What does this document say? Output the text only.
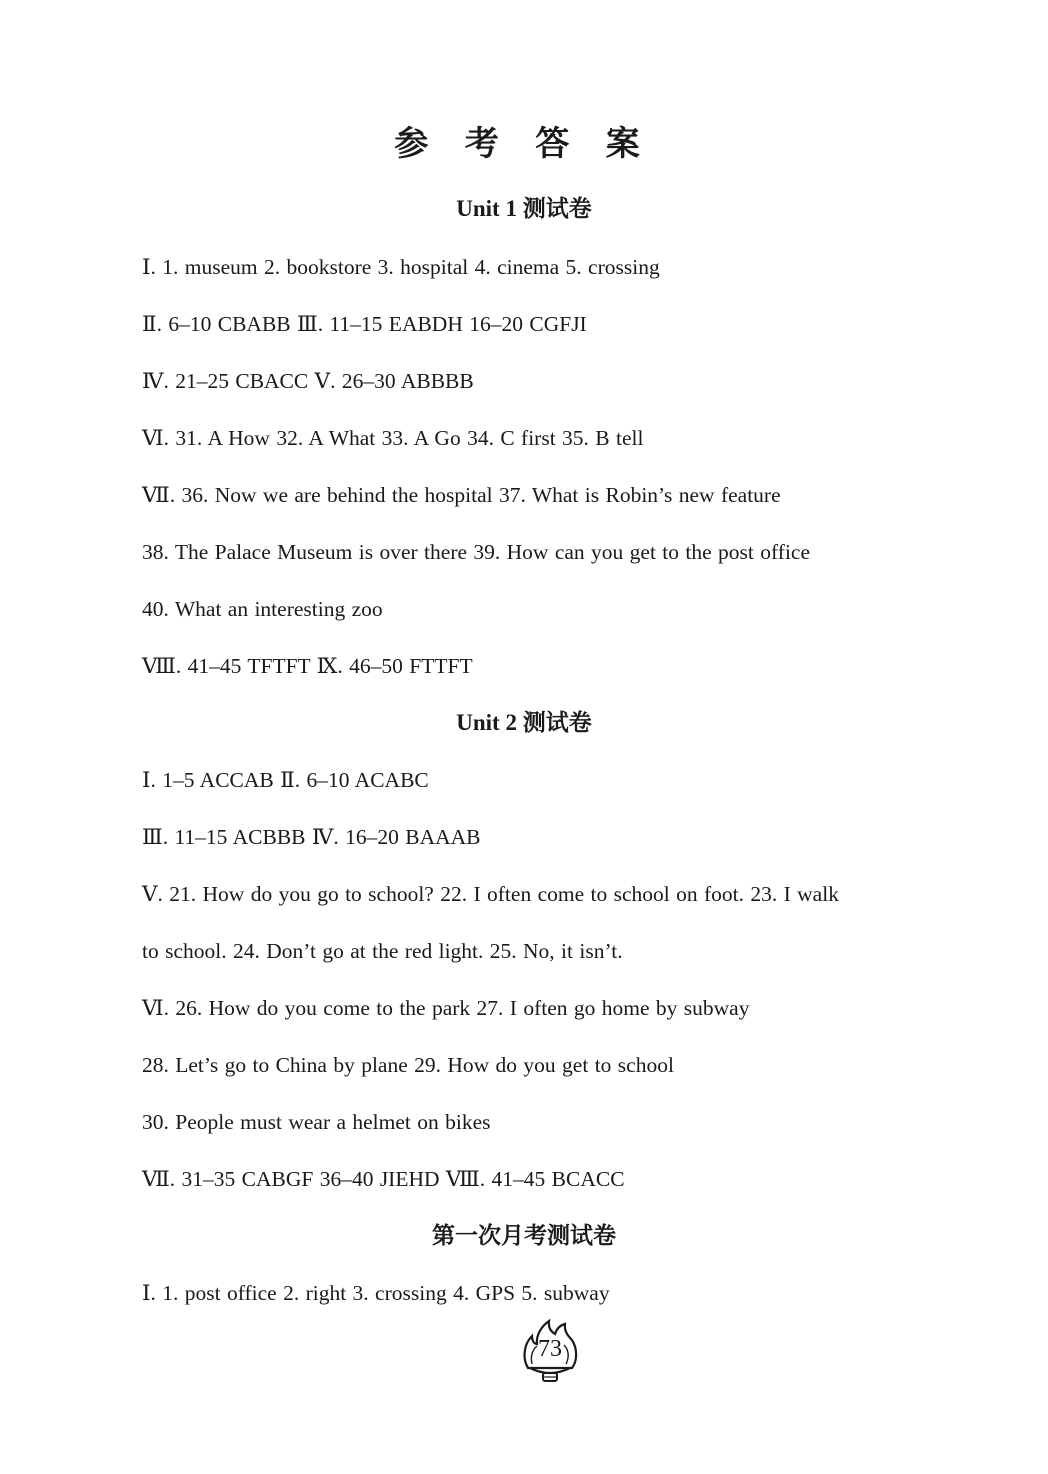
参 考 答 案
Unit 1 测试卷
Ⅰ. 1. museum 2. bookstore 3. hospital 4. cinema 5. crossing
Ⅱ. 6–10 CBABB Ⅲ. 11–15 EABDH 16–20 CGFJI
Ⅳ. 21–25 CBACC Ⅴ. 26–30 ABBBB
Ⅵ. 31. A How 32. A What 33. A Go 34. C first 35. B tell
Ⅶ. 36. Now we are behind the hospital 37. What is Robin’s new feature
38. The Palace Museum is over there 39. How can you get to the post office
40. What an interesting zoo
Ⅷ. 41–45 TFTFT Ⅸ. 46–50 FTTFT
Unit 2 测试卷
Ⅰ. 1–5 ACCAB Ⅱ. 6–10 ACABC
Ⅲ. 11–15 ACBBB Ⅳ. 16–20 BAAAB
Ⅴ. 21. How do you go to school? 22. I often come to school on foot. 23. I walk
to school. 24. Don’t go at the red light. 25. No, it isn’t.
Ⅵ. 26. How do you come to the park 27. I often go home by subway
28. Let’s go to China by plane 29. How do you get to school
30. People must wear a helmet on bikes
Ⅶ. 31–35 CABGF 36–40 JIEHD Ⅷ. 41–45 BCACC
第一次月考测试卷
Ⅰ. 1. post office 2. right 3. crossing 4. GPS 5. subway
73
